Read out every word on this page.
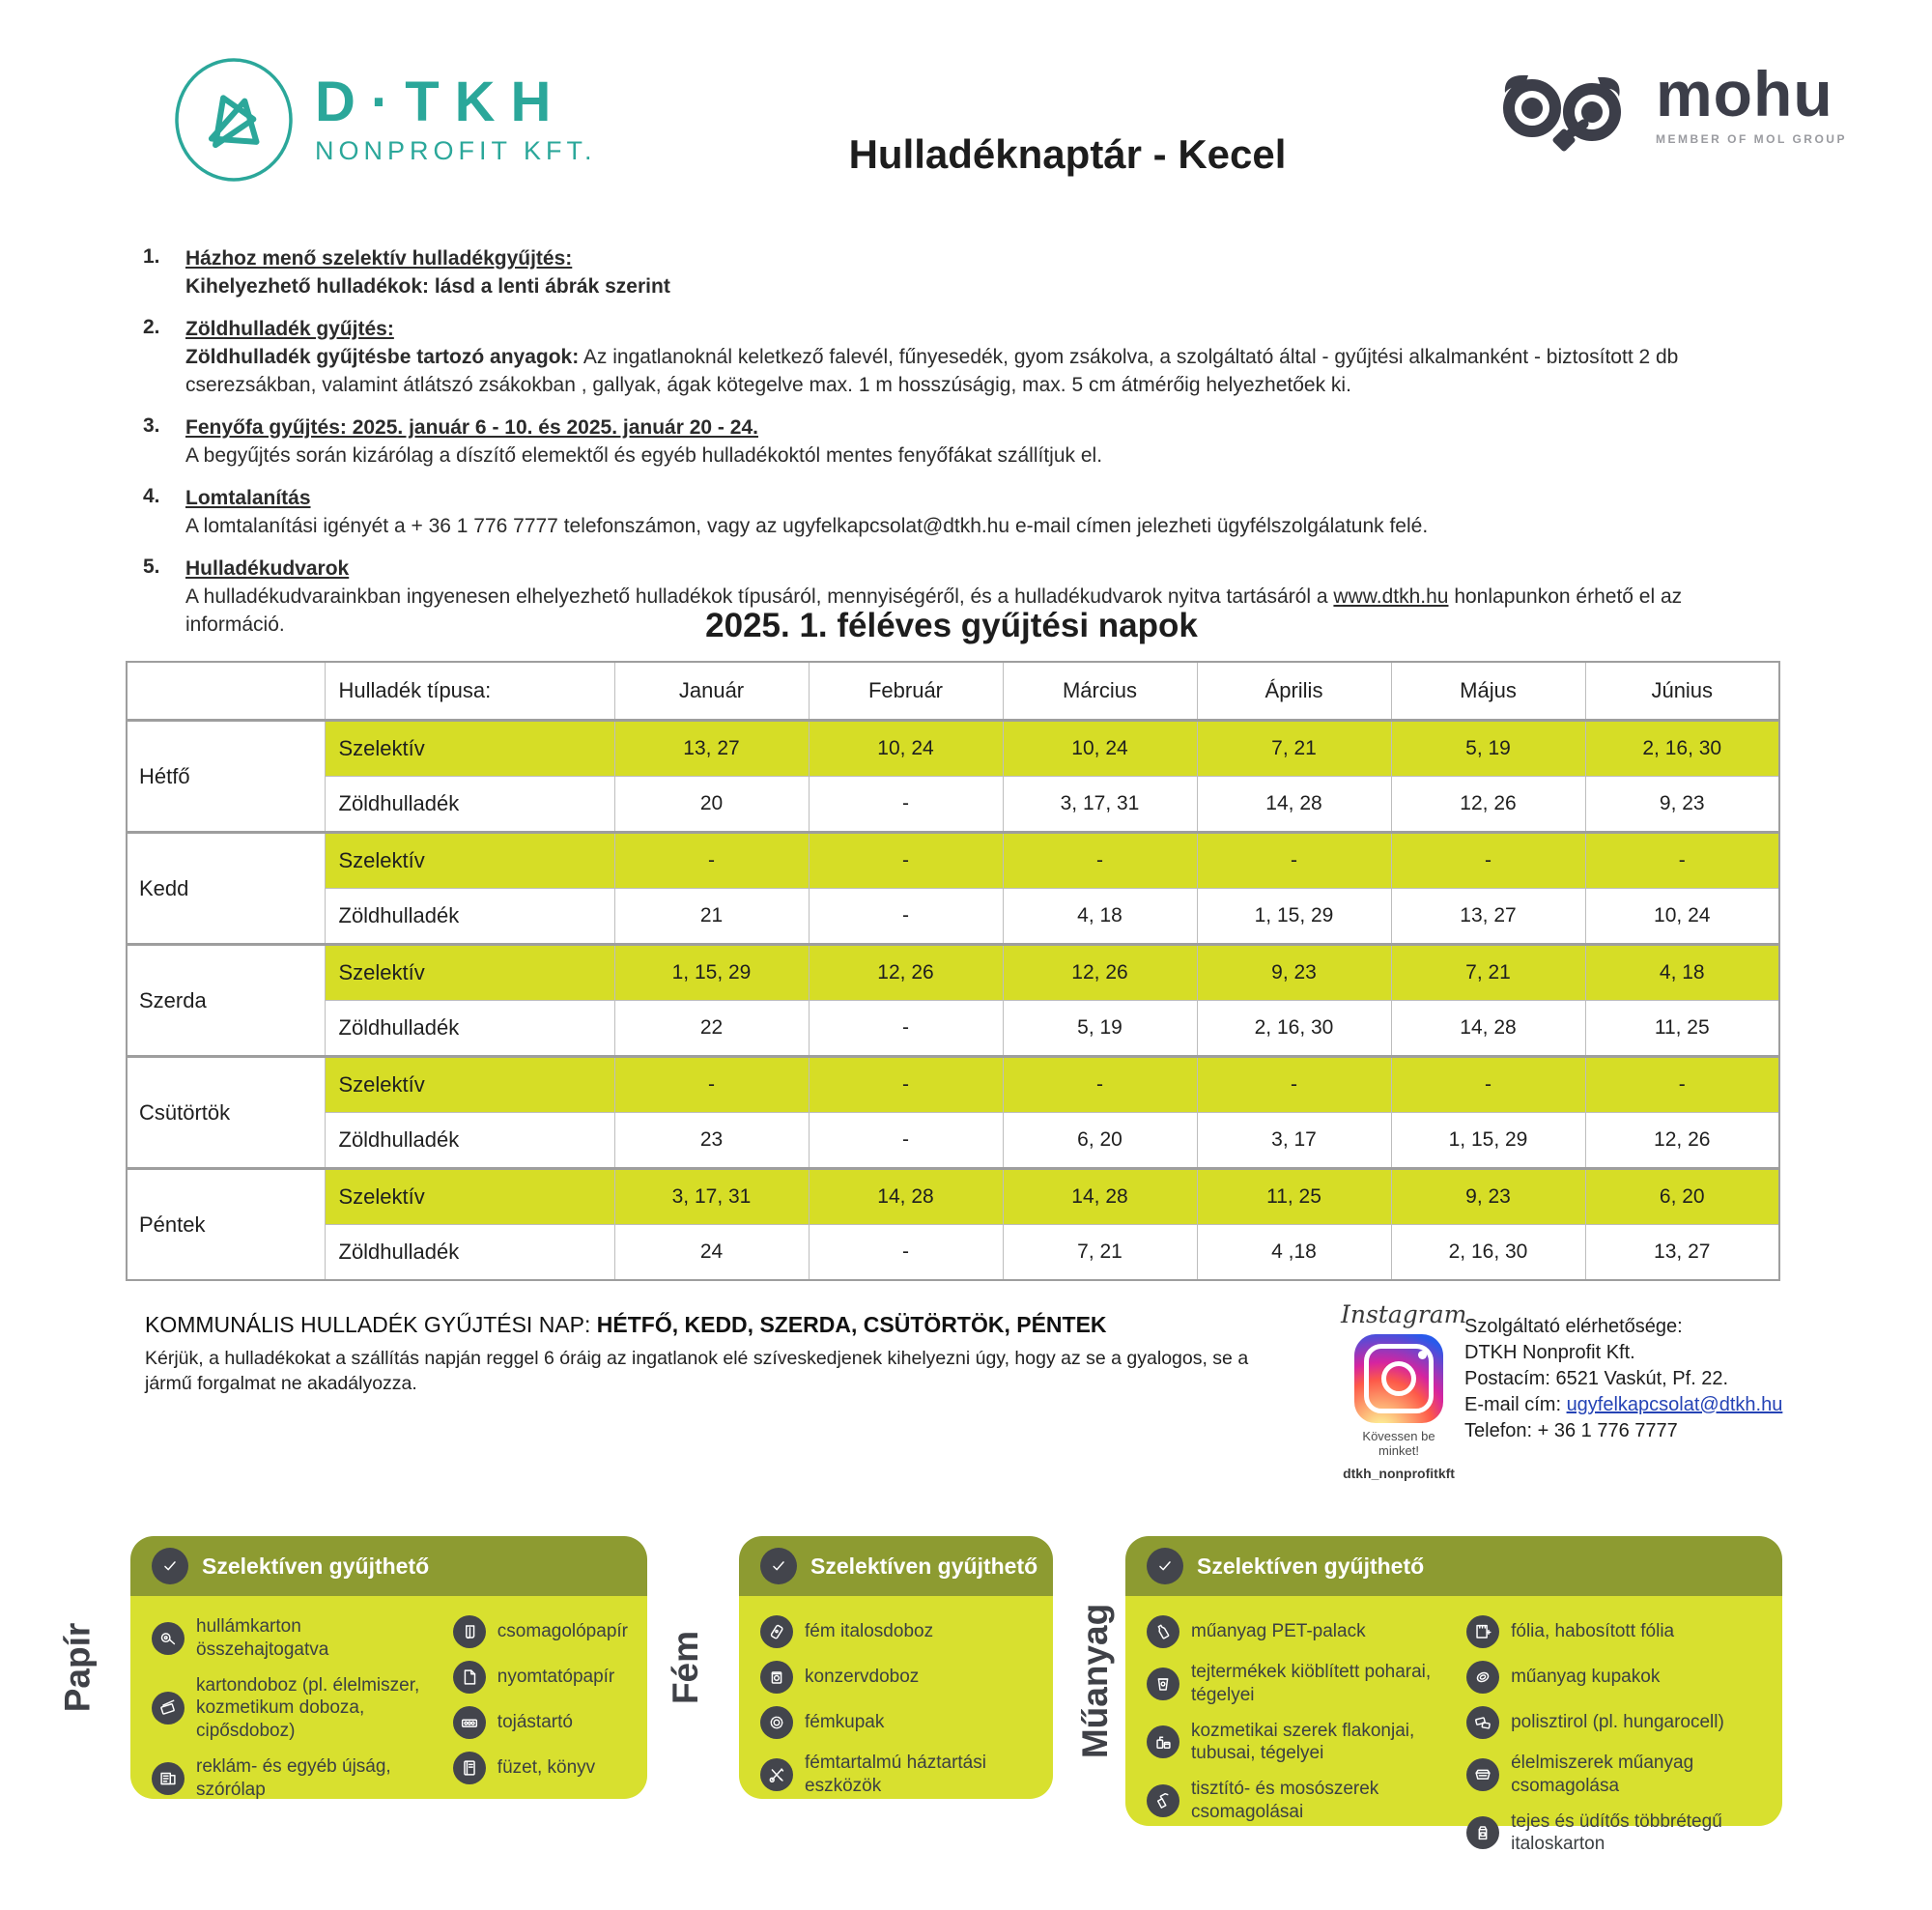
D·TKH
NONPROFIT KFT.	Hulladéknaptár - Kecel
mohu
MEMBER OF MOL GROUP
1.	Házhoz menő szelektív hulladékgyűjtés:
Kihelyezhető hulladékok: lásd a lenti ábrák szerint
2.	Zöldhulladék gyűjtés:
Zöldhulladék gyűjtésbe tartozó anyagok: Az ingatlanoknál keletkező falevél, fűnyesedék, gyom zsákolva, a szolgáltató által - gyűjtési alkalmanként - biztosított 2 db cserezsákban, valamint átlátszó zsákokban , gallyak, ágak kötegelve max. 1 m hosszúságig, max. 5 cm átmérőig helyezhetőek ki.
3.	Fenyőfa gyűjtés: 2025. január 6 - 10. és 2025. január 20 - 24.
A begyűjtés során kizárólag a díszítő elemektől és egyéb hulladékoktól mentes fenyőfákat szállítjuk el.
4.	Lomtalanítás
A lomtalanítási igényét a + 36 1 776 7777 telefonszámon, vagy az ugyfelkapcsolat@dtkh.hu e-mail címen jelezheti ügyfélszolgálatunk felé.
5.	Hulladékudvarok
A hulladékudvarainkban ingyenesen elhelyezhető hulladékok típusáról, mennyiségéről, és a hulladékudvarok nyitva tartásáról a www.dtkh.hu honlapunkon érhető el az információ.	2025. 1. féléves gyűjtési napok
	Hulladék típusa:	Január	Február	Március	Április	Május	Június
Hétfő	Szelektív	13, 27	10, 24	10, 24	7, 21	5, 19	2, 16, 30
	Zöldhulladék	20	-	3, 17, 31	14, 28	12, 26	9, 23
Kedd	Szelektív	-	-	-	-	-	-
	Zöldhulladék	21	-	4, 18	1, 15, 29	13, 27	10, 24
Szerda	Szelektív	1, 15, 29	12, 26	12, 26	9, 23	7, 21	4, 18
	Zöldhulladék	22	-	5, 19	2, 16, 30	14, 28	11, 25
Csütörtök	Szelektív	-	-	-	-	-	-
	Zöldhulladék	23	-	6, 20	3, 17	1, 15, 29	12, 26
Péntek	Szelektív	3, 17, 31	14, 28	14, 28	11, 25	9, 23	6, 20
	Zöldhulladék	24	-	7, 21	4 ,18	2, 16, 30	13, 27
KOMMUNÁLIS HULLADÉK GYŰJTÉSI NAP: HÉTFŐ, KEDD, SZERDA, CSÜTÖRTÖK, PÉNTEK
Kérjük, a hulladékokat a szállítás napján reggel 6 óráig az ingatlanok elé szíveskedjenek kihelyezni úgy, hogy az se a gyalogos, se a jármű forgalmat ne akadályozza.
Instagram
Kövessen be minket!
dtkh_nonprofitkft
Szolgáltató elérhetősége:
DTKH Nonprofit Kft.
Postacím: 6521 Vaskút, Pf. 22.
E-mail cím: ugyfelkapcsolat@dtkh.hu
Telefon: + 36 1 776 7777
Papír
Szelektíven gyűjthető
hullámkarton összehajtogatva
kartondoboz (pl. élelmiszer,
kozmetikum doboza, cipősdoboz)
reklám- és egyéb újság, szórólap
csomagolópapír
nyomtatópapír
tojástartó
füzet, könyv
Fém
Szelektíven gyűjthető
fém italosdoboz
konzervdoboz
fémkupak
fémtartalmú háztartási eszközök
Műanyag
Szelektíven gyűjthető
műanyag PET-palack
tejtermékek kiöblített poharai, tégelyei
kozmetikai szerek flakonjai,
tubusai, tégelyei
tisztító- és mosószerek csomagolásai
fólia, habosított fólia
műanyag kupakok
polisztirol (pl. hungarocell)
élelmiszerek műanyag csomagolása
tejes és üdítős többrétegű italoskarton
